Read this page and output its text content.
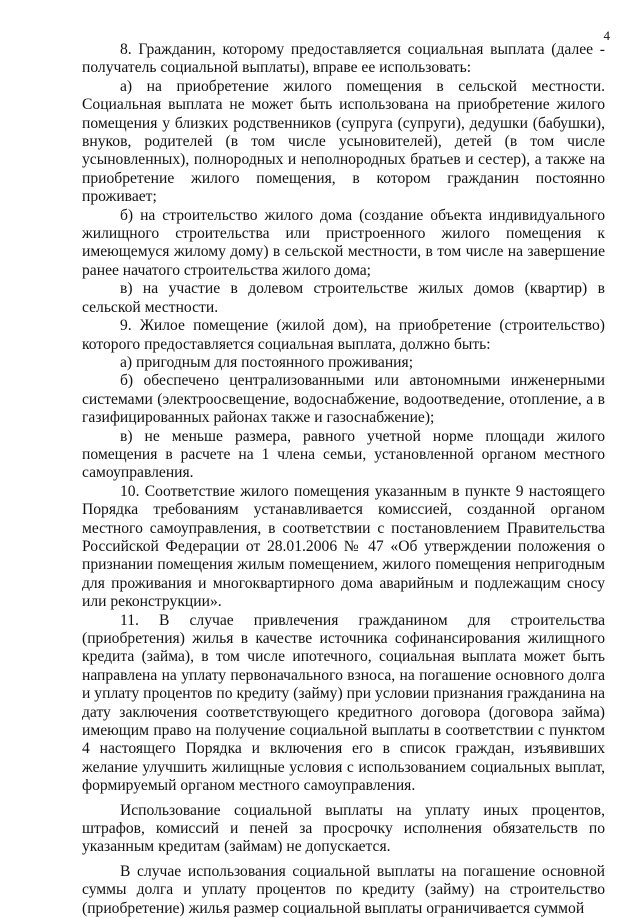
4

8. Гражданин, которому предоставляется социальная выплата (далее - получатель социальной выплаты), вправе ее использовать:

а) на приобретение жилого помещения в сельской местности. Социальная выплата не может быть использована на приобретение жилого помещения у близких родственников (супруга (супруги), дедушки (бабушки), внуков, родителей (в том числе усыновителей), детей (в том числе усыновленных), полнородных и неполнородных братьев и сестер), а также на приобретение жилого помещения, в котором гражданин постоянно проживает;

б) на строительство жилого дома (создание объекта индивидуального жилищного строительства или пристроенного жилого помещения к имеющемуся жилому дому) в сельской местности, в том числе на завершение ранее начатого строительства жилого дома;

в) на участие в долевом строительстве жилых домов (квартир) в сельской местности.

9. Жилое помещение (жилой дом), на приобретение (строительство) которого предоставляется социальная выплата, должно быть:

а) пригодным для постоянного проживания;

б) обеспечено централизованными или автономными инженерными системами (электроосвещение, водоснабжение, водоотведение, отопление, а в газифицированных районах также и газоснабжение);

в) не меньше размера, равного учетной норме площади жилого помещения в расчете на 1 члена семьи, установленной органом местного самоуправления.

10. Соответствие жилого помещения указанным в пункте 9 настоящего Порядка требованиям устанавливается комиссией, созданной органом местного самоуправления, в соответствии с постановлением Правительства Российской Федерации от 28.01.2006 № 47 «Об утверждении положения о признании помещения жилым помещением, жилого помещения непригодным для проживания и многоквартирного дома аварийным и подлежащим сносу или реконструкции».

11. В случае привлечения гражданином для строительства (приобретения) жилья в качестве источника софинансирования жилищного кредита (займа), в том числе ипотечного, социальная выплата может быть направлена на уплату первоначального взноса, на погашение основного долга и уплату процентов по кредиту (займу) при условии признания гражданина на дату заключения соответствующего кредитного договора (договора займа) имеющим право на получение социальной выплаты в соответствии с пунктом 4 настоящего Порядка и включения его в список граждан, изъявивших желание улучшить жилищные условия с использованием социальных выплат, формируемый органом местного самоуправления.

Использование социальной выплаты на уплату иных процентов, штрафов, комиссий и пеней за просрочку исполнения обязательств по указанным кредитам (займам) не допускается.

В случае использования социальной выплаты на погашение основной суммы долга и уплату процентов по кредиту (займу) на строительство (приобретение) жилья размер социальной выплаты ограничивается суммой
